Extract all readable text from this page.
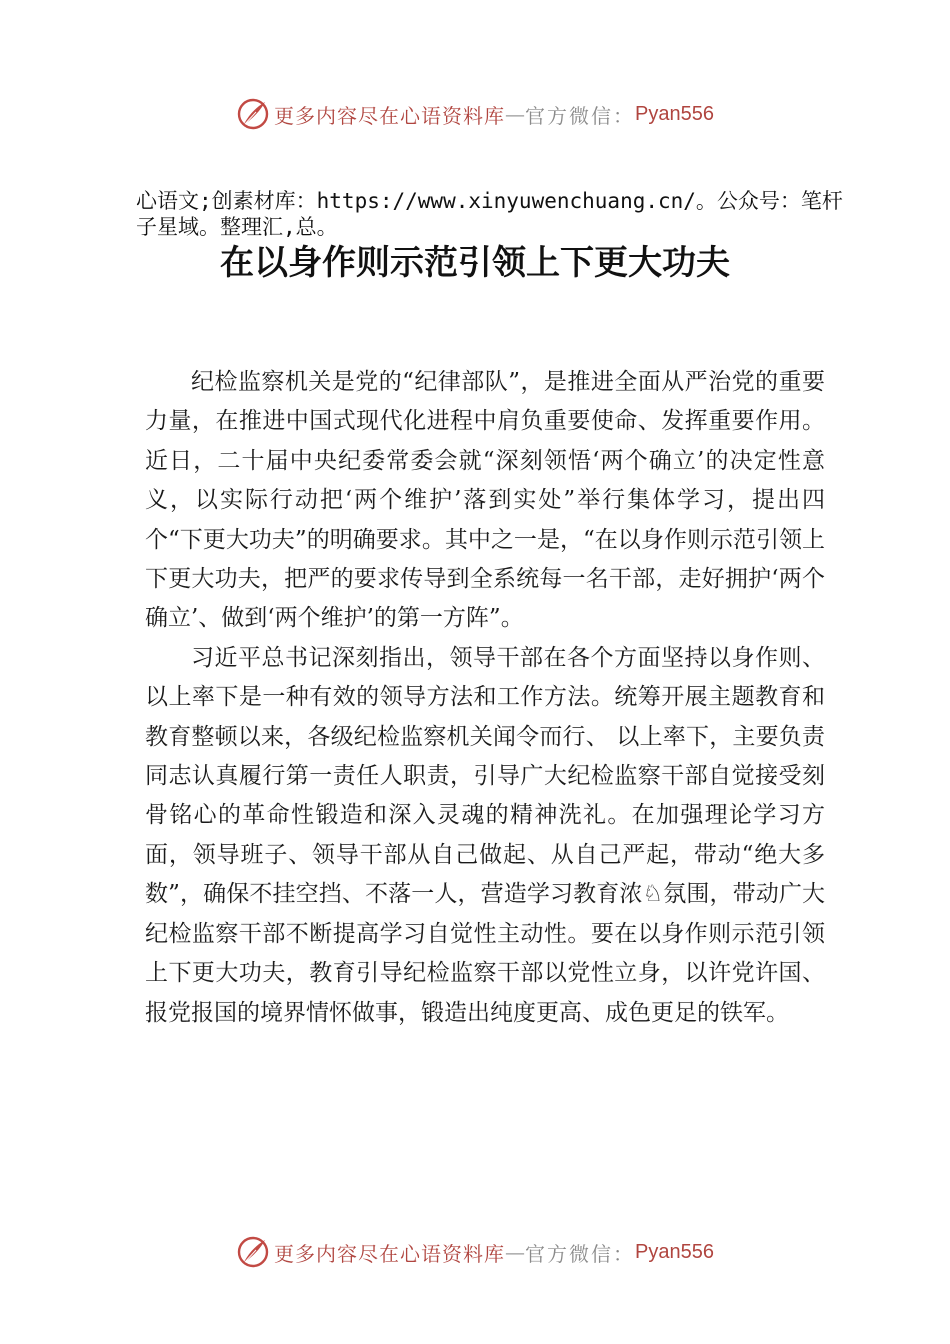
更多内容尽在心语资料库 — 官方微信： Pyan556
心语文;创素材库：https://www.xinyuwenchuang.cn/。公众号：笔杆子星域。整理汇,总。
在以身作则示范引领上下更大功夫

纪检监察机关是党的“纪律部队”，是推进全面从严治党的重要力量，在推进中国式现代化进程中肩负重要使命、发挥重要作用。近日，二十届中央纪委常委会就“深刻领悟‘两个确立’的决定性意义，以实际行动把‘两个维护’落到实处”举行集体学习，提出四个“下更大功夫”的明确要求。其中之一是，“在以身作则示范引领上下更大功夫，把严的要求传导到全系统每一名干部，走好拥护‘两个确立’、做到‘两个维护’的第一方阵”。

习近平总书记深刻指出，领导干部在各个方面坚持以身作则、以上率下是一种有效的领导方法和工作方法。统筹开展主题教育和教育整顿以来，各级纪检监察机关闻令而行、 以上率下，主要负责同志认真履行第一责任人职责，引导广大纪检监察干部自觉接受刻骨铭心的革命性锻造和深入灵魂的精神洗礼。在加强理论学习方面，领导班子、领导干部从自己做起、从自己严起，带动“绝大多数”，确保不挂空挡、不落一人，营造学习教育浓♘氛围，带动广大纪检监察干部不断提高学习自觉性主动性。要在以身作则示范引领上下更大功夫，教育引导纪检监察干部以党性立身，以许党许国、 报党报国的境界情怀做事，锻造出纯度更高、成色更足的铁军。

更多内容尽在心语资料库 — 官方微信： Pyan556
